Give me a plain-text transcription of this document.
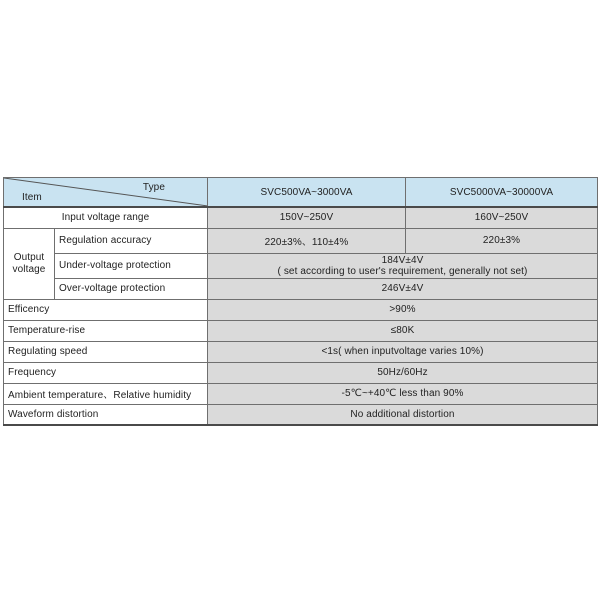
Type
Item		SVC500VA~3000VA	SVC5000VA~30000VA
Input voltage range		150V~250V	160V~250V
Output voltage	Regulation accuracy	220±3%、110±4%	220±3%
	Under-voltage protection	184V±4V
( set according to user's requirement, generally not set)	

	Over-voltage protection	246V±4V	
Efficency		>90%	
Temperature-rise		≤80K	
Regulating speed		<1s( when inputvoltage varies 10%)	
Frequency		50Hz/60Hz	
Ambient temperature、Relative humidity		-5℃~+40℃ less than 90%	
Waveform distortion		No additional distortion	
